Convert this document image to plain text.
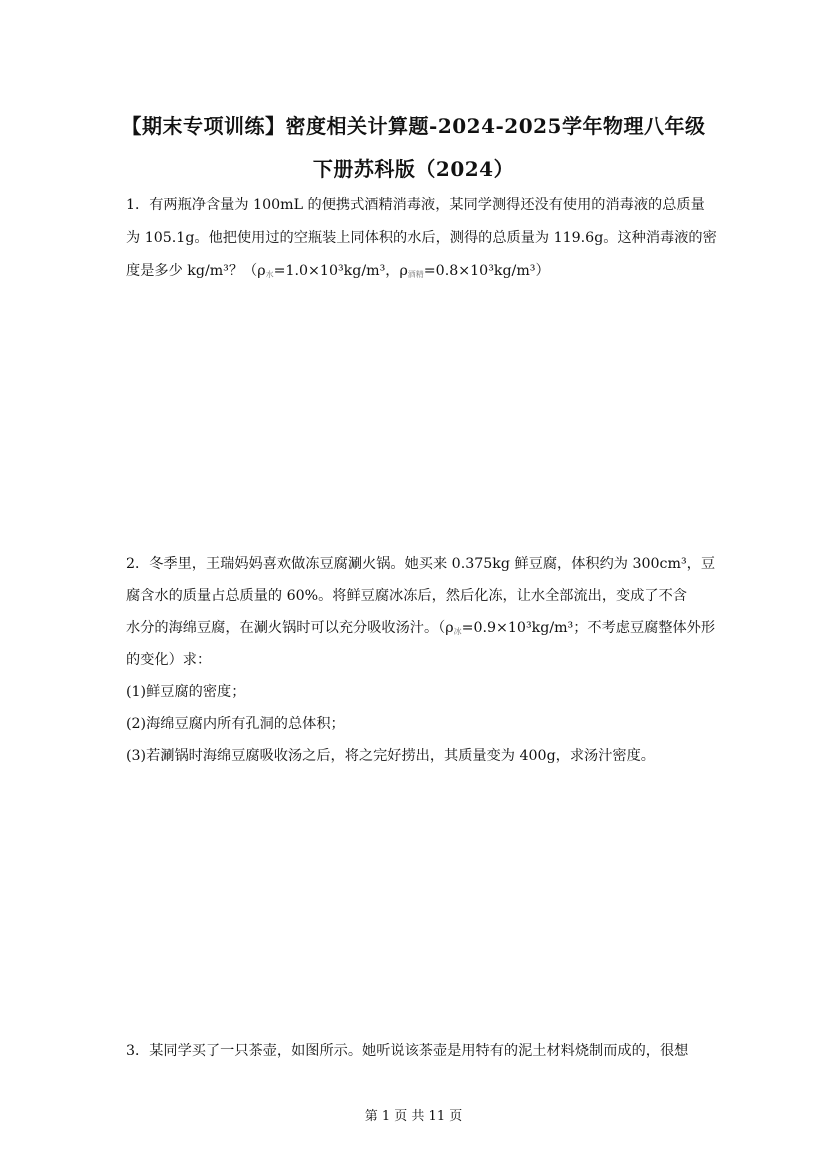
【期末专项训练】密度相关计算题-2024-2025学年物理八年级
下册苏科版（2024）
1．有两瓶净含量为 100mL 的便携式酒精消毒液，某同学测得还没有使用的消毒液的总质量
为 105.1g。他把使用过的空瓶装上同体积的水后，测得的总质量为 119.6g。这种消毒液的密
度是多少 kg/m³？（$\rho_水=1.0\times 10^3kg/m^3$，$\rho_{酒精}=0.8\times 10^3kg/m^3$）
2．冬季里，王瑞妈妈喜欢做冻豆腐涮火锅。她买来 0.375kg 鲜豆腐，体积约为 300cm³，豆
腐含水的质量占总质量的 60%。将鲜豆腐冰冻后，然后化冻，让水全部流出，变成了不含
水分的海绵豆腐，在涮火锅时可以充分吸收汤汁。（$\rho_冰=0.9\times 10^3kg/m^3$；不考虑豆腐整体外形
的变化）求：
(1)鲜豆腐的密度；
(2)海绵豆腐内所有孔洞的总体积；
(3)若涮锅时海绵豆腐吸收汤之后，将之完好捞出，其质量变为 400g，求汤汁密度。
3．某同学买了一只茶壶，如图所示。她听说该茶壶是用特有的泥土材料烧制而成的，很想
第 1 页 共 11 页
